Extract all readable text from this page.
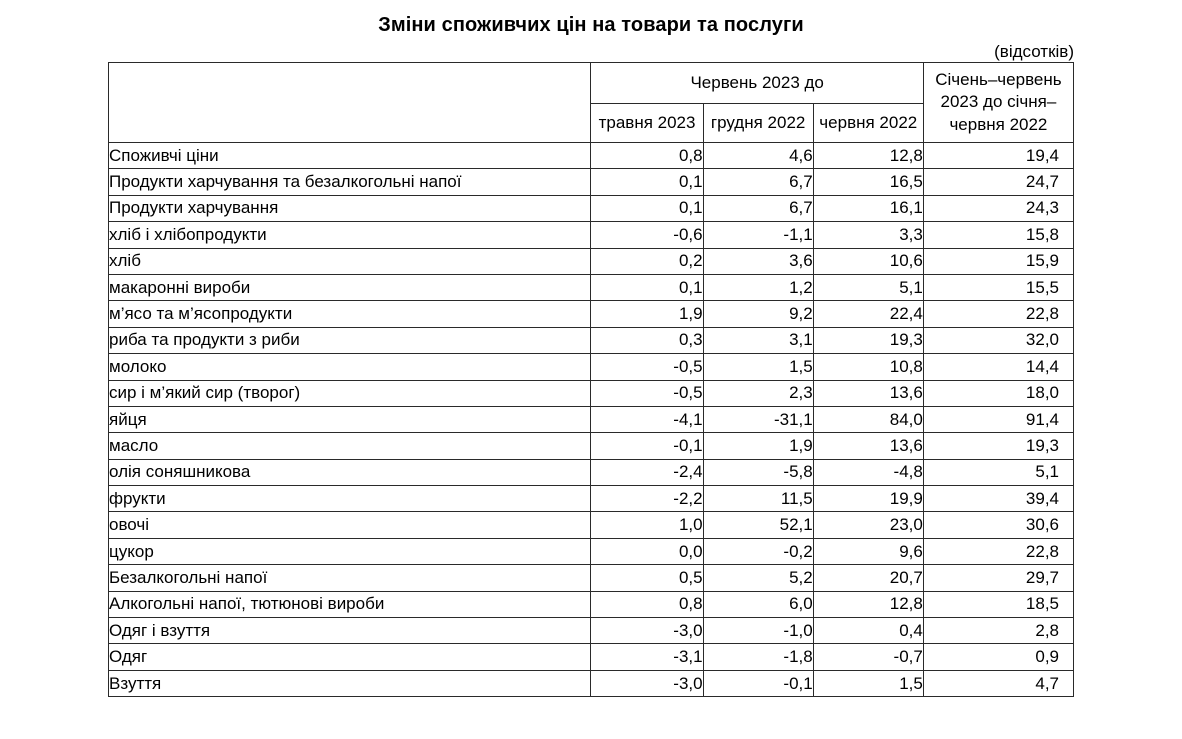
Зміни споживчих цін на товари та послуги
(відсотків)
	Червень 2023 до			Січень–червень 2023 до січня–червня 2022
	травня 2023	грудня 2022	червня 2022	
Споживчі ціни	0,8	4,6	12,8	19,4
Продукти харчування та безалкогольні напої	0,1	6,7	16,5	24,7
Продукти харчування	0,1	6,7	16,1	24,3
хліб і хлібопродукти	-0,6	-1,1	3,3	15,8
хліб	0,2	3,6	10,6	15,9
макаронні вироби	0,1	1,2	5,1	15,5
м’ясо та м’ясопродукти	1,9	9,2	22,4	22,8
риба та продукти з риби	0,3	3,1	19,3	32,0
молоко	-0,5	1,5	10,8	14,4
сир і м’який сир (творог)	-0,5	2,3	13,6	18,0
яйця	-4,1	-31,1	84,0	91,4
масло	-0,1	1,9	13,6	19,3
олія соняшникова	-2,4	-5,8	-4,8	5,1
фрукти	-2,2	11,5	19,9	39,4
овочі	1,0	52,1	23,0	30,6
цукор	0,0	-0,2	9,6	22,8
Безалкогольні напої	0,5	5,2	20,7	29,7
Алкогольні напої, тютюнові вироби	0,8	6,0	12,8	18,5
Одяг і взуття	-3,0	-1,0	0,4	2,8
Одяг	-3,1	-1,8	-0,7	0,9
Взуття	-3,0	-0,1	1,5	4,7
